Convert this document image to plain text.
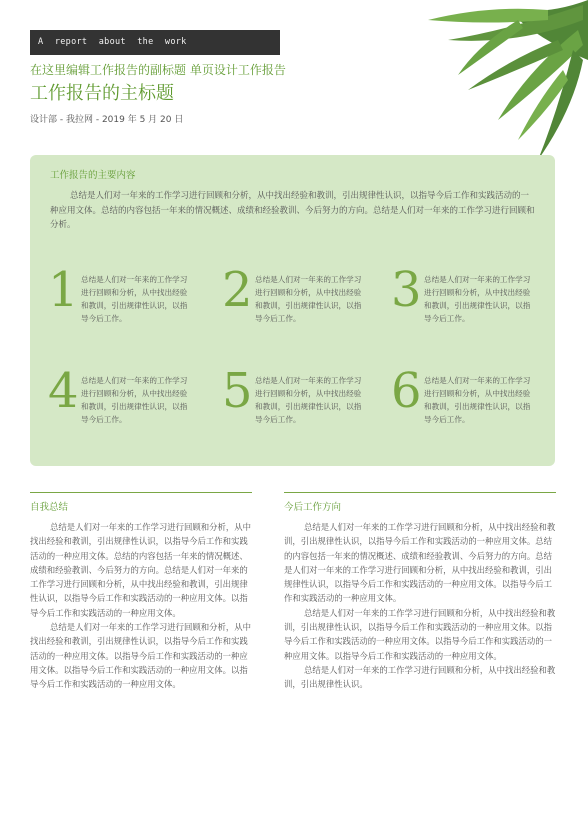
A report about the work
在这里编辑工作报告的副标题 单页设计工作报告
工作报告的主标题
设计部 - 我拉网 - 2019 年 5 月 20 日
工作报告的主要内容

总结是人们对一年来的工作学习进行回顾和分析，从中找出经验和教训，引出规律性认识，以指导今后工作和实践活动的一种应用文体。总结的内容包括一年来的情况概述、成绩和经验教训、今后努力的方向。总结是人们对一年来的工作学习进行回顾和分析。

1 总结是人们对一年来的工作学习进行回顾和分析，从中找出经验和教训，引出规律性认识，以指导今后工作。

2 总结是人们对一年来的工作学习进行回顾和分析，从中找出经验和教训，引出规律性认识，以指导今后工作。

3 总结是人们对一年来的工作学习进行回顾和分析，从中找出经验和教训，引出规律性认识，以指导今后工作。

4 总结是人们对一年来的工作学习进行回顾和分析，从中找出经验和教训，引出规律性认识，以指导今后工作。

5 总结是人们对一年来的工作学习进行回顾和分析，从中找出经验和教训，引出规律性认识，以指导今后工作。

6 总结是人们对一年来的工作学习进行回顾和分析，从中找出经验和教训，引出规律性认识，以指导今后工作。

自我总结

总结是人们对一年来的工作学习进行回顾和分析，从中找出经验和教训，引出规律性认识，以指导今后工作和实践活动的一种应用文体。总结的内容包括一年来的情况概述、成绩和经验教训、今后努力的方向。总结是人们对一年来的工作学习进行回顾和分析，从中找出经验和教训，引出规律性认识，以指导今后工作和实践活动的一种应用文体。以指导今后工作和实践活动的一种应用文体。

总结是人们对一年来的工作学习进行回顾和分析，从中找出经验和教训，引出规律性认识，以指导今后工作和实践活动的一种应用文体。以指导今后工作和实践活动的一种应用文体。以指导今后工作和实践活动的一种应用文体。以指导今后工作和实践活动的一种应用文体。

今后工作方向

总结是人们对一年来的工作学习进行回顾和分析，从中找出经验和教训，引出规律性认识，以指导今后工作和实践活动的一种应用文体。总结的内容包括一年来的情况概述、成绩和经验教训、今后努力的方向。总结是人们对一年来的工作学习进行回顾和分析，从中找出经验和教训，引出规律性认识，以指导今后工作和实践活动的一种应用文体。以指导今后工作和实践活动的一种应用文体。

总结是人们对一年来的工作学习进行回顾和分析，从中找出经验和教训，引出规律性认识，以指导今后工作和实践活动的一种应用文体。以指导今后工作和实践活动的一种应用文体。以指导今后工作和实践活动的一种应用文体。以指导今后工作和实践活动的一种应用文体。

总结是人们对一年来的工作学习进行回顾和分析，从中找出经验和教训，引出规律性认识。
